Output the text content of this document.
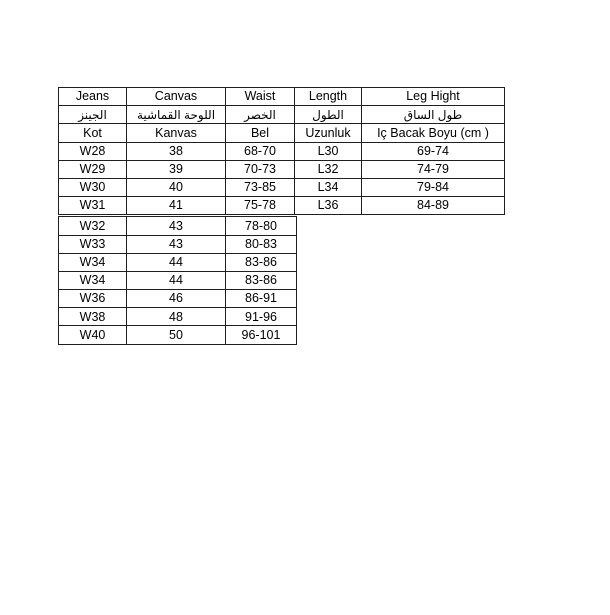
Jeans	Canvas	Waist	Length	Leg Hight
الجينز	اللوحة القماشية	الخصر	الطول	طول الساق
Kot	Kanvas	Bel	Uzunluk	Iç Bacak Boyu (cm )
W28	38	68-70	L30	69-74
W29	39	70-73	L32	74-79
W30	40	73-85	L34	79-84
W31	41	75-78	L36	84-89
W32	43	78-80
W33	43	80-83
W34	44	83-86
W34	44	83-86
W36	46	86-91
W38	48	91-96
W40	50	96-101
